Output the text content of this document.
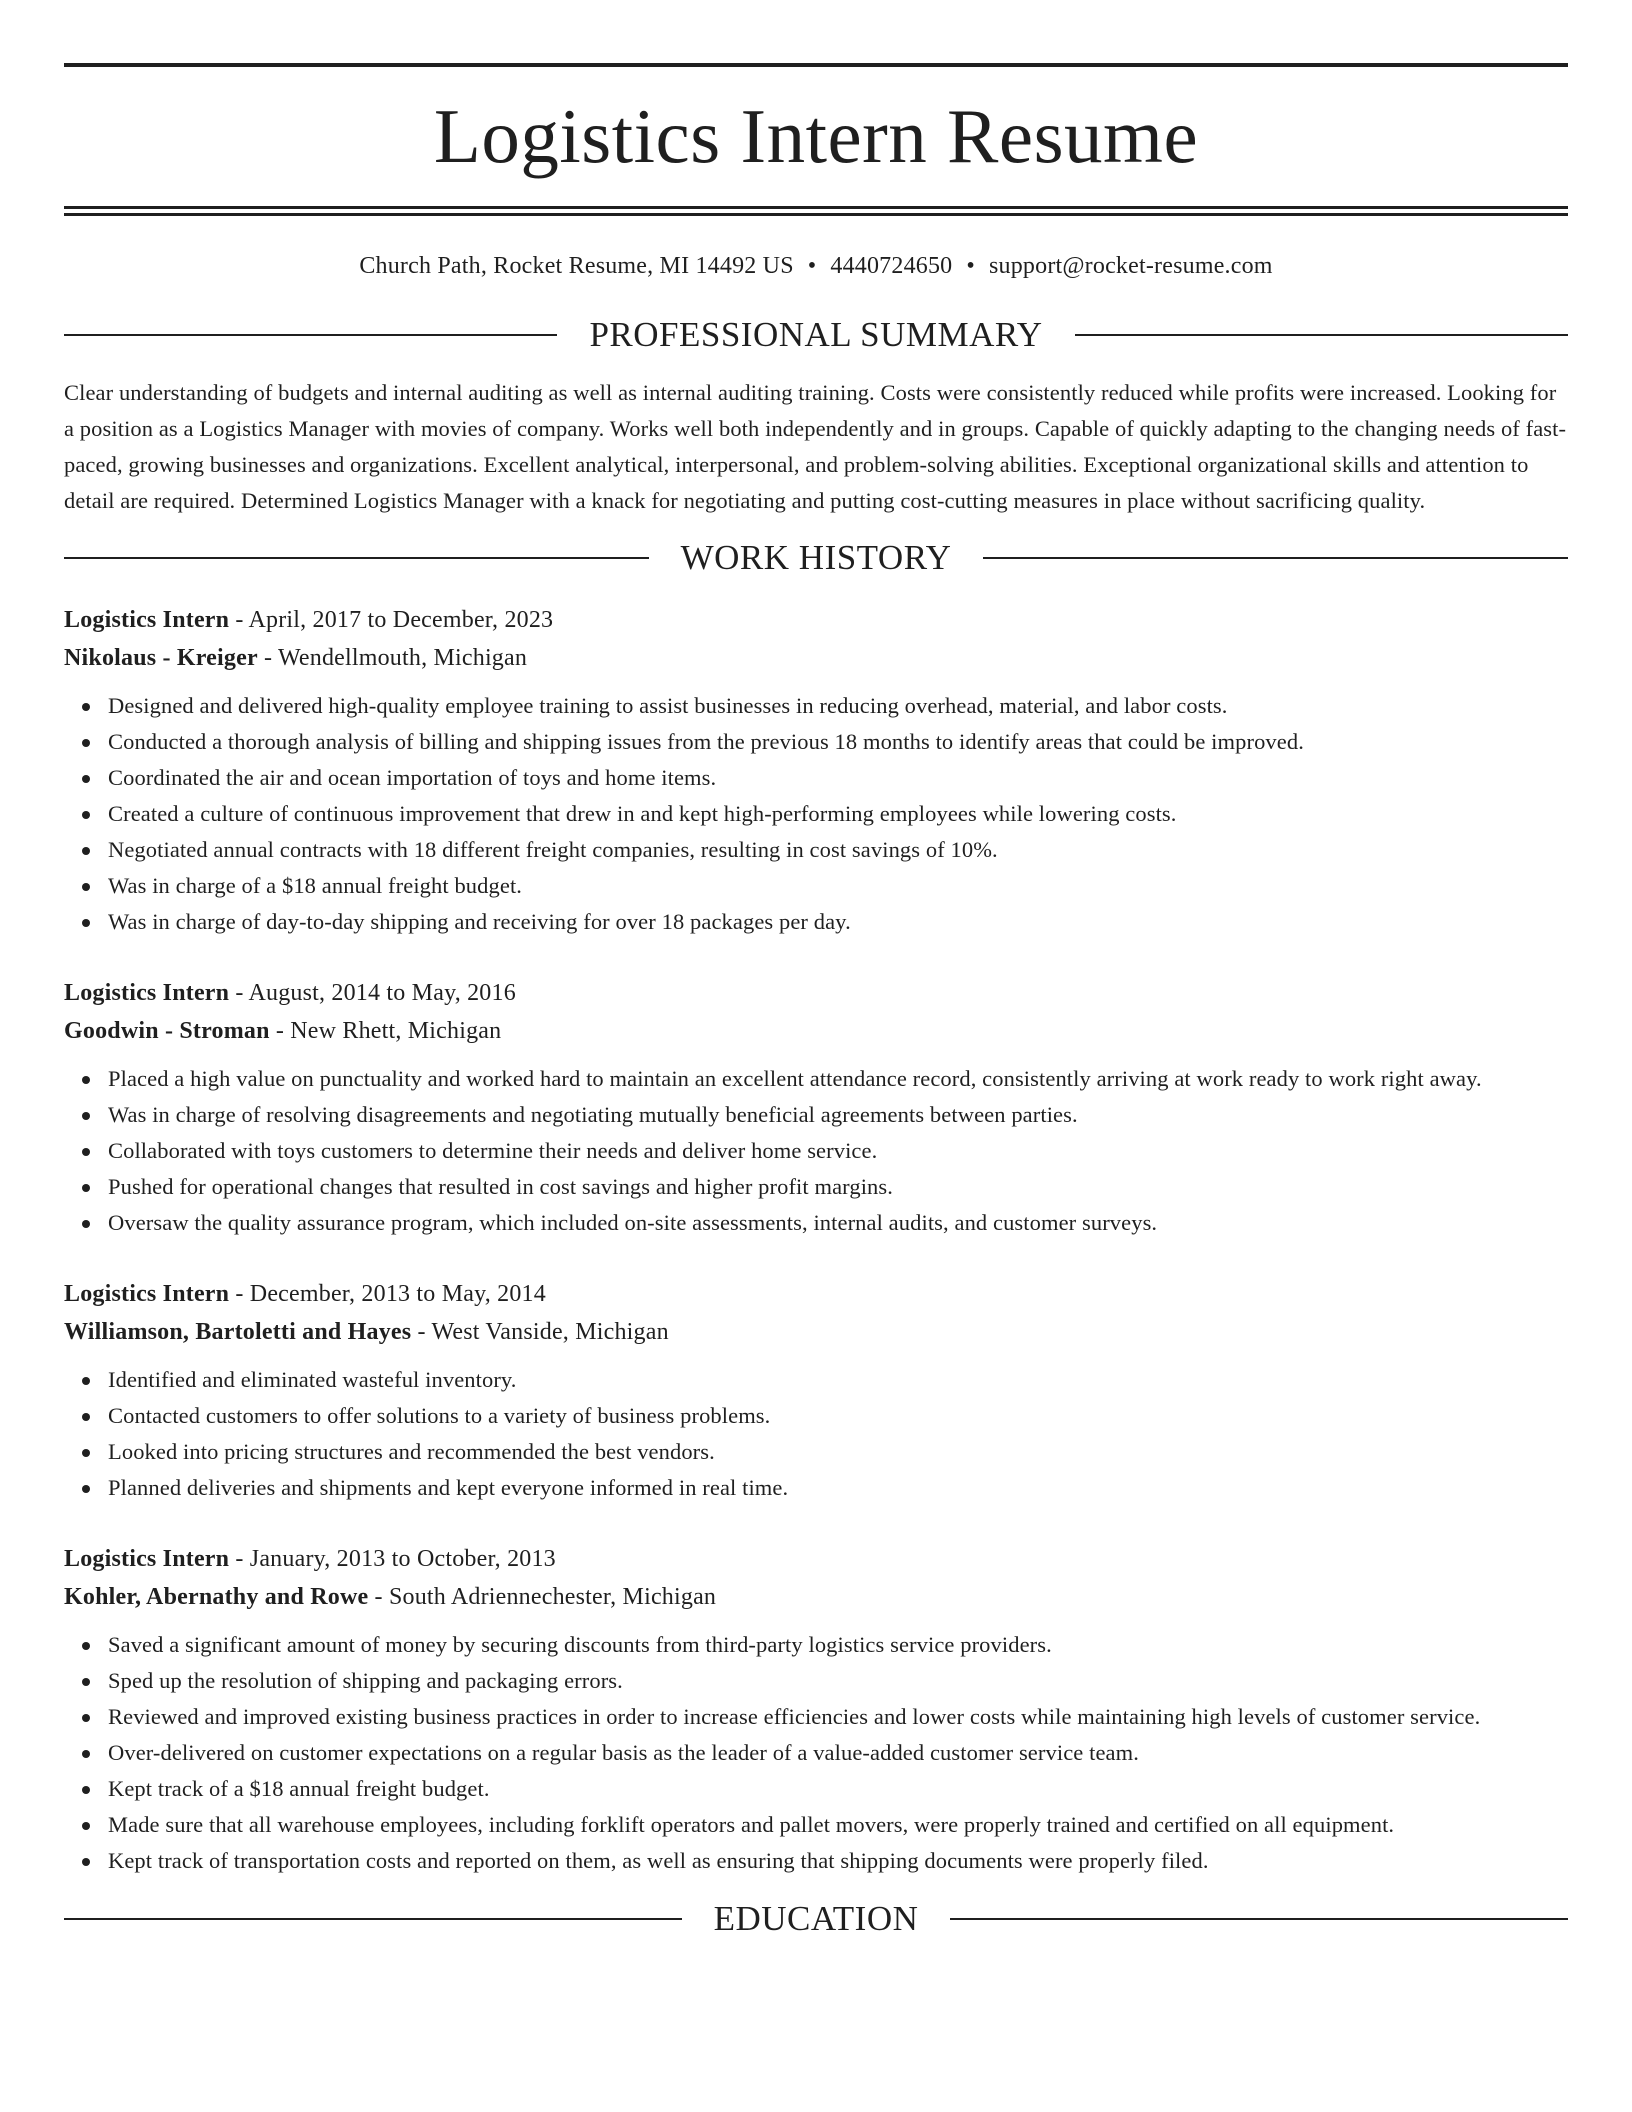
Logistics Intern Resume
Church Path, Rocket Resume, MI 14492 US • 4440724650 • support@rocket-resume.com
PROFESSIONAL SUMMARY

Clear understanding of budgets and internal auditing as well as internal auditing training. Costs were consistently reduced while profits were increased. Looking for a position as a Logistics Manager with movies of company. Works well both independently and in groups. Capable of quickly adapting to the changing needs of fast-paced, growing businesses and organizations. Excellent analytical, interpersonal, and problem-solving abilities. Exceptional organizational skills and attention to detail are required. Determined Logistics Manager with a knack for negotiating and putting cost-cutting measures in place without sacrificing quality.

WORK HISTORY
Logistics Intern - April, 2017 to December, 2023
Nikolaus - Kreiger - Wendellmouth, Michigan
Designed and delivered high-quality employee training to assist businesses in reducing overhead, material, and labor costs.
Conducted a thorough analysis of billing and shipping issues from the previous 18 months to identify areas that could be improved.
Coordinated the air and ocean importation of toys and home items.
Created a culture of continuous improvement that drew in and kept high-performing employees while lowering costs.
Negotiated annual contracts with 18 different freight companies, resulting in cost savings of 10%.
Was in charge of a $18 annual freight budget.
Was in charge of day-to-day shipping and receiving for over 18 packages per day.
Logistics Intern - August, 2014 to May, 2016
Goodwin - Stroman - New Rhett, Michigan
Placed a high value on punctuality and worked hard to maintain an excellent attendance record, consistently arriving at work ready to work right away.
Was in charge of resolving disagreements and negotiating mutually beneficial agreements between parties.
Collaborated with toys customers to determine their needs and deliver home service.
Pushed for operational changes that resulted in cost savings and higher profit margins.
Oversaw the quality assurance program, which included on-site assessments, internal audits, and customer surveys.
Logistics Intern - December, 2013 to May, 2014
Williamson, Bartoletti and Hayes - West Vanside, Michigan
Identified and eliminated wasteful inventory.
Contacted customers to offer solutions to a variety of business problems.
Looked into pricing structures and recommended the best vendors.
Planned deliveries and shipments and kept everyone informed in real time.
Logistics Intern - January, 2013 to October, 2013
Kohler, Abernathy and Rowe - South Adriennechester, Michigan
Saved a significant amount of money by securing discounts from third-party logistics service providers.
Sped up the resolution of shipping and packaging errors.
Reviewed and improved existing business practices in order to increase efficiencies and lower costs while maintaining high levels of customer service.
Over-delivered on customer expectations on a regular basis as the leader of a value-added customer service team.
Kept track of a $18 annual freight budget.
Made sure that all warehouse employees, including forklift operators and pallet movers, were properly trained and certified on all equipment.
Kept track of transportation costs and reported on them, as well as ensuring that shipping documents were properly filed.
EDUCATION
